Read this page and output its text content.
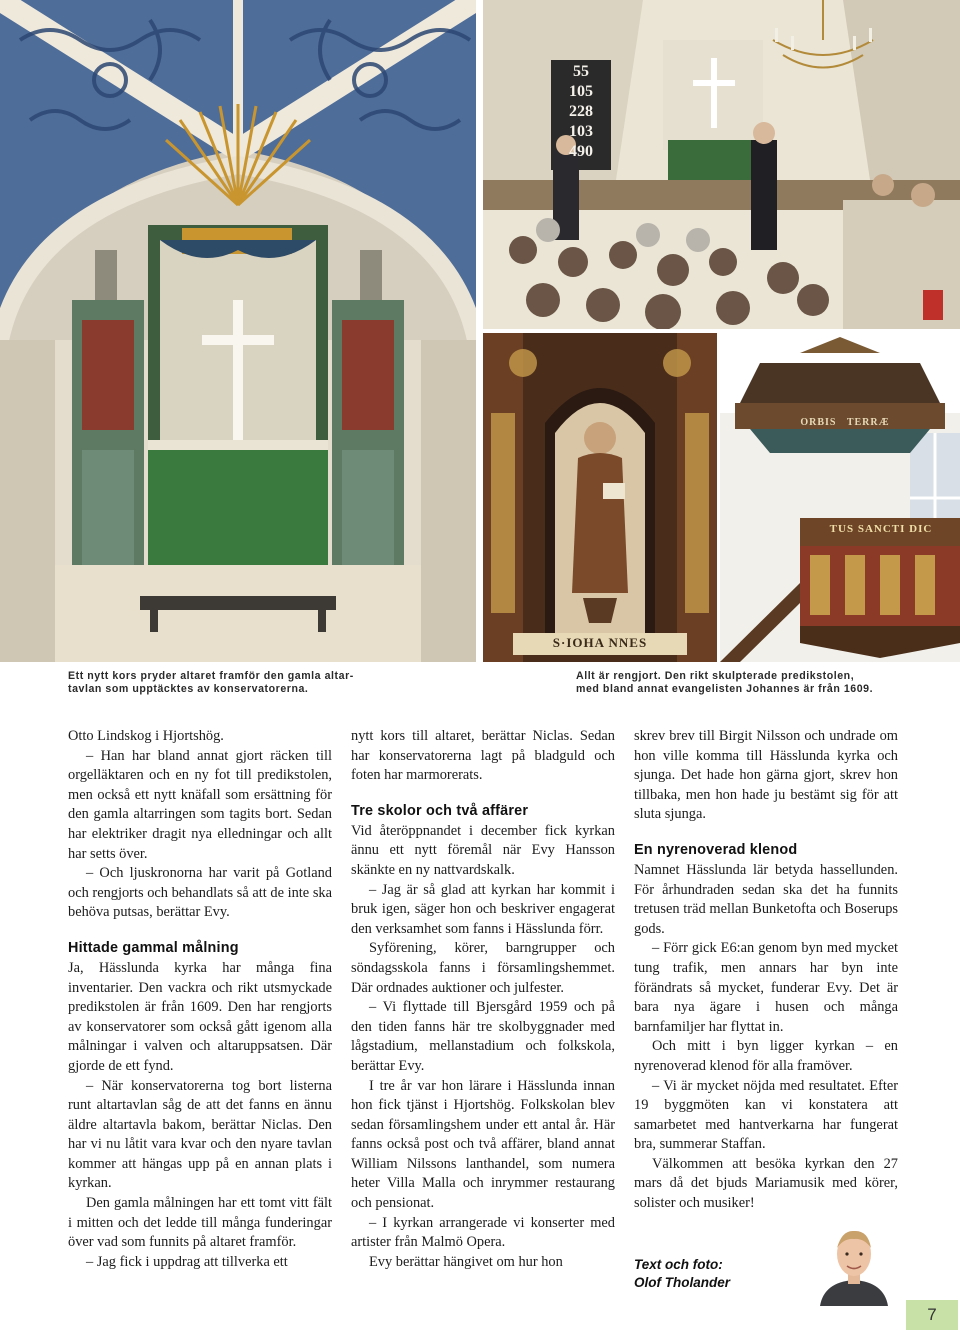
55
105
228
103
490
S·IOHA NNES
ORBIS   TERRÆ
TUS SANCTI DIC
Ett nytt kors pryder altaret framför den gamla altar-
tavlan som upptäcktes av konservatorerna.
Allt är rengjort. Den rikt skulpterade predikstolen,
med bland annat evangelisten Johannes är från 1609.

Otto Lindskog i Hjortshög.

– Han har bland annat gjort räcken till orgelläktaren och en ny fot till predikstolen, men också ett nytt knäfall som ersättning för den gamla altarringen som tagits bort. Sedan har elektriker dragit nya elledningar och allt har setts över.

– Och ljuskronorna har varit på Gotland och rengjorts och behandlats så att de inte ska behöva putsas, berättar Evy.

Hittade gammal målning

Ja, Hässlunda kyrka har många fina inventarier. Den vackra och rikt utsmyckade predikstolen är från 1609. Den har rengjorts av konservatorer som också gått igenom alla målningar i valven och altaruppsatsen. Där gjorde de ett fynd.

– När konservatorerna tog bort listerna runt altartavlan såg de att det fanns en ännu äldre altartavla bakom, berättar Niclas. Den har vi nu låtit vara kvar och den nyare tavlan kommer att hängas upp på en annan plats i kyrkan.

Den gamla målningen har ett tomt vitt fält i mitten och det ledde till många funderingar över vad som funnits på altaret framför.

– Jag fick i uppdrag att tillverka ett

nytt kors till altaret, berättar Niclas. Sedan har konservatorerna lagt på bladguld och foten har marmorerats.

Tre skolor och två affärer

Vid återöppnandet i december fick kyrkan ännu ett nytt föremål när Evy Hansson skänkte en ny nattvardskalk.

– Jag är så glad att kyrkan har kommit i bruk igen, säger hon och beskriver engagerat den verksamhet som fanns i Hässlunda förr.

Syförening, körer, barngrupper och söndagsskola fanns i församlingshemmet. Där ordnades auktioner och julfester.

– Vi flyttade till Bjersgård 1959 och på den tiden fanns här tre skolbyggnader med lågstadium, mellanstadium och folkskola, berättar Evy.

I tre år var hon lärare i Hässlunda innan hon fick tjänst i Hjortshög. Folkskolan blev sedan församlingshem under ett antal år. Här fanns också post och två affärer, bland annat William Nilssons lanthandel, som numera heter Villa Malla och inrymmer restaurang och pensionat.

– I kyrkan arrangerade vi konserter med artister från Malmö Opera.

Evy berättar hängivet om hur hon

skrev brev till Birgit Nilsson och undrade om hon ville komma till Hässlunda kyrka och sjunga. Det hade hon gärna gjort, skrev hon tillbaka, men hon hade ju bestämt sig för att sluta sjunga.

En nyrenoverad klenod

Namnet Hässlunda lär betyda hassellunden. För århundraden sedan ska det ha funnits tretusen träd mellan Bunketofta och Boserups gods.

– Förr gick E6:an genom byn med mycket tung trafik, men annars har byn inte förändrats så mycket, funderar Evy. Det är bara nya ägare i husen och många barnfamiljer har flyttat in.

Och mitt i byn ligger kyrkan – en nyrenoverad klenod för alla framöver.

– Vi är mycket nöjda med resultatet. Efter 19 byggmöten kan vi konstatera att samarbetet med hantverkarna har fungerat bra, summerar Staffan.

Välkommen att besöka kyrkan den 27 mars då det bjuds Mariamusik med körer, solister och musiker!

Text och foto:
Olof Tholander
7
